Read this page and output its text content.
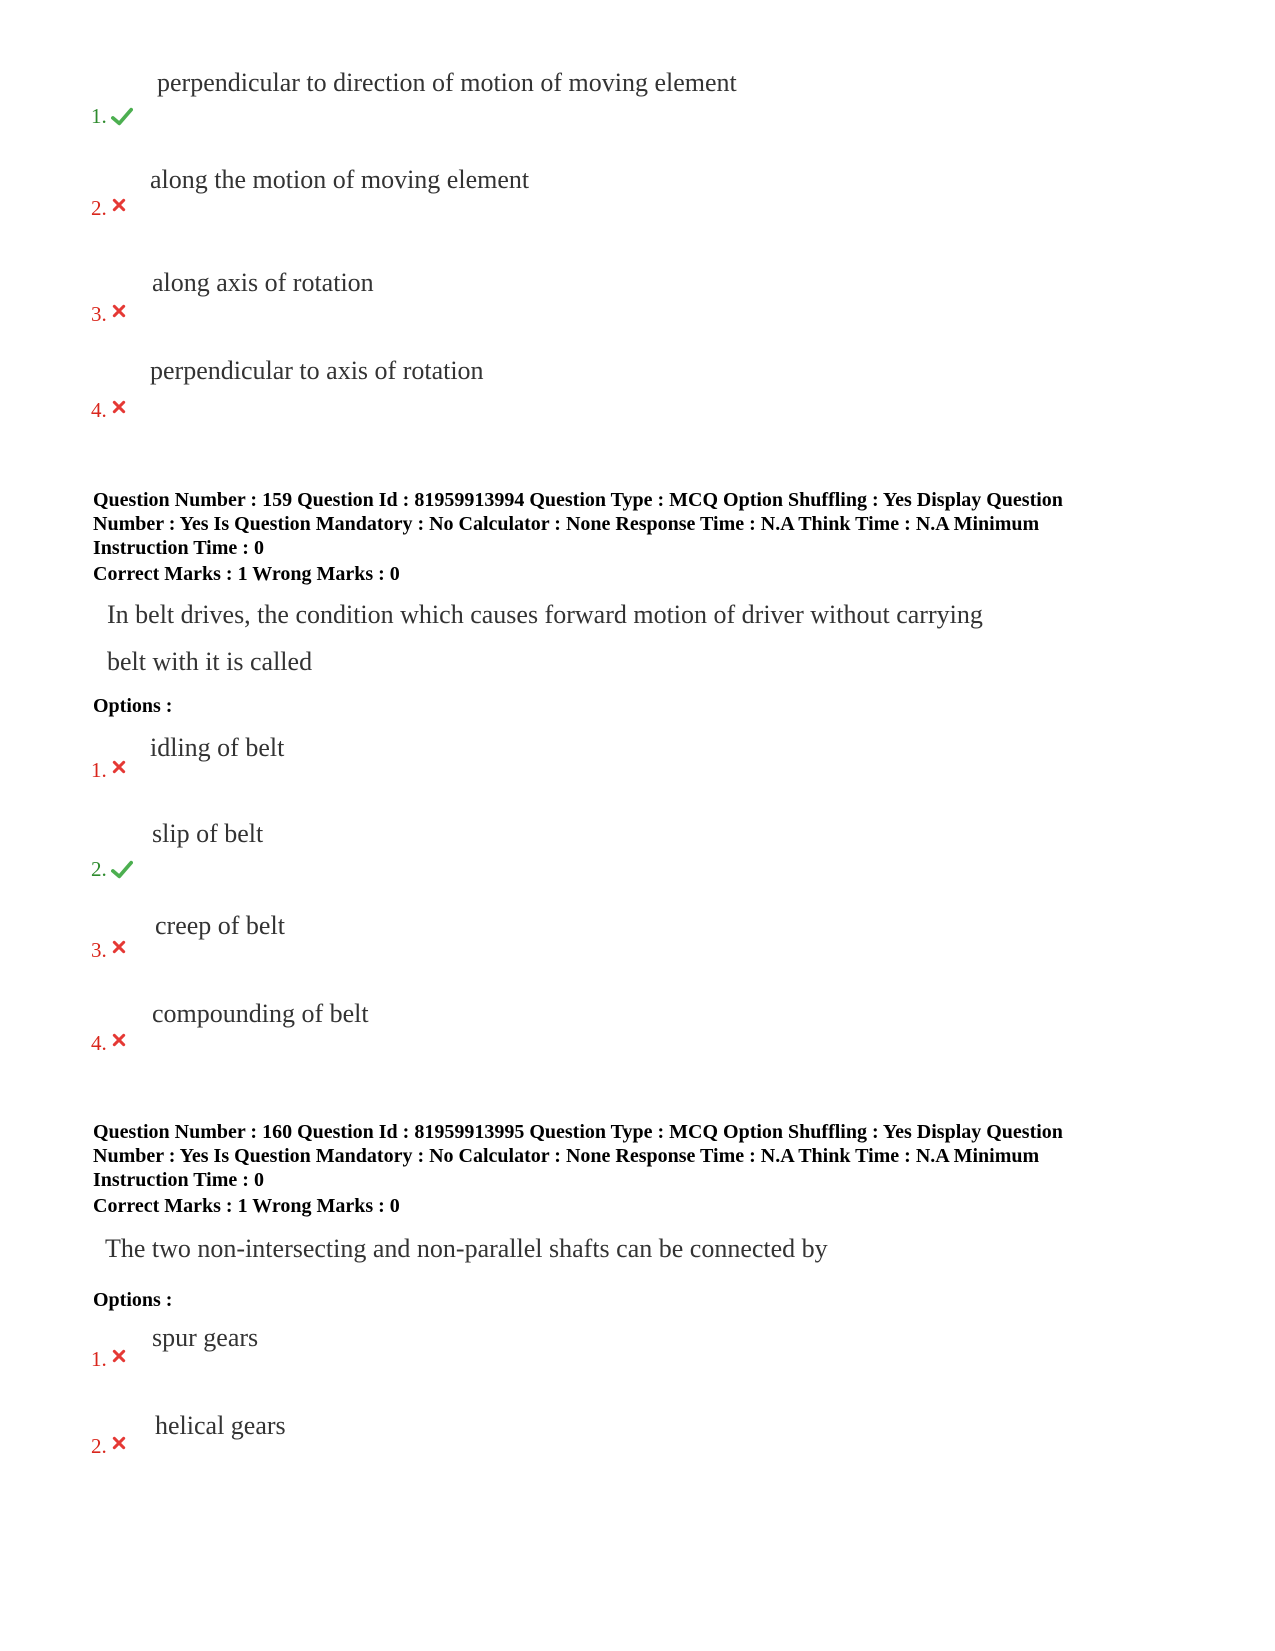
perpendicular to direction of motion of moving element
1.
along the motion of moving element
2.
along axis of rotation
3.
perpendicular to axis of rotation
4.
Question Number : 159 Question Id : 81959913994 Question Type : MCQ Option Shuffling : Yes Display Question
Number : Yes Is Question Mandatory : No Calculator : None Response Time : N.A Think Time : N.A Minimum
Instruction Time : 0
Correct Marks : 1 Wrong Marks : 0
In belt drives, the condition which causes forward motion of driver without carrying
belt with it is called
Options :
idling of belt
1.
slip of belt
2.
creep of belt
3.
compounding of belt
4.
Question Number : 160 Question Id : 81959913995 Question Type : MCQ Option Shuffling : Yes Display Question
Number : Yes Is Question Mandatory : No Calculator : None Response Time : N.A Think Time : N.A Minimum
Instruction Time : 0
Correct Marks : 1 Wrong Marks : 0
The two non-intersecting and non-parallel shafts can be connected by
Options :
spur gears
1.
helical gears
2.
